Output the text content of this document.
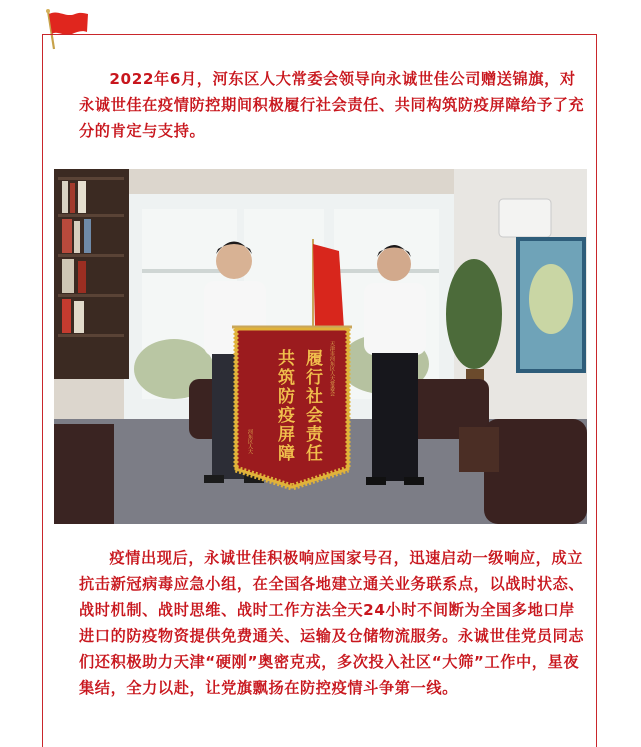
2022年6月，河东区人大常委会领导向永诚世佳公司赠送锦旗，对永诚世佳在疫情防控期间积极履行社会责任、共同构筑防疫屏障给予了充分的肯定与支持。

天津市河东区人大常委会
河东区人大	履行社会责任
共筑防疫屏障

疫情出现后，永诚世佳积极响应国家号召，迅速启动一级响应，成立抗击新冠病毒应急小组，在全国各地建立通关业务联系点，以战时状态、战时机制、战时思维、战时工作方法全天24小时不间断为全国多地口岸进口的防疫物资提供免费通关、运输及仓储物流服务。永诚世佳党员同志们还积极助力天津“硬刚”奥密克戎，多次投入社区“大筛”工作中，星夜集结，全力以赴，让党旗飘扬在防控疫情斗争第一线。
